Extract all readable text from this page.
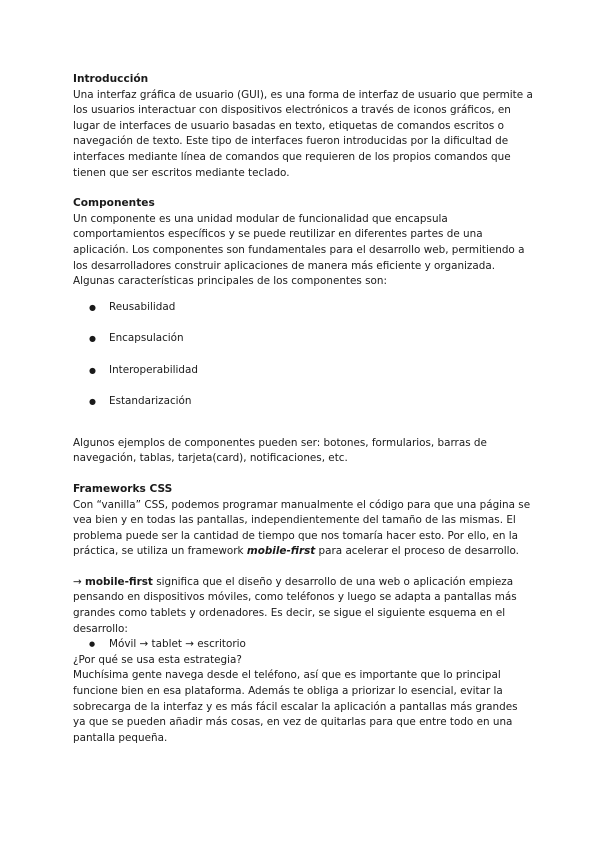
Introducción

Una interfaz gráfica de usuario (GUI), es una forma de interfaz de usuario que permite a los usuarios interactuar con dispositivos electrónicos a través de iconos gráficos, en lugar de interfaces de usuario basadas en texto, etiquetas de comandos escritos o navegación de texto. Este tipo de interfaces fueron introducidas por la dificultad de interfaces mediante línea de comandos que requieren de los propios comandos que tienen que ser escritos mediante teclado.

Componentes

Un componente es una unidad modular de funcionalidad que encapsula comportamientos específicos y se puede reutilizar en diferentes partes de una aplicación. Los componentes son fundamentales para el desarrollo web, permitiendo a los desarrolladores construir aplicaciones de manera más eficiente y organizada. Algunas características principales de los componentes son:

● Reusabilidad
● Encapsulación
● Interoperabilidad
● Estandarización

Algunos ejemplos de componentes pueden ser: botones, formularios, barras de navegación, tablas, tarjeta(card), notificaciones, etc.

Frameworks CSS

Con “vanilla” CSS, podemos programar manualmente el código para que una página se vea bien y en todas las pantallas, independientemente del tamaño de las mismas. El problema puede ser la cantidad de tiempo que nos tomaría hacer esto. Por ello, en la práctica, se utiliza un framework mobile-first para acelerar el proceso de desarrollo.

→ mobile-first significa que el diseño y desarrollo de una web o aplicación empieza pensando en dispositivos móviles, como teléfonos y luego se adapta a pantallas más grandes como tablets y ordenadores. Es decir, se sigue el siguiente esquema en el desarrollo:

● Móvil → tablet → escritorio

¿Por qué se usa esta estrategia?

Muchísima gente navega desde el teléfono, así que es importante que lo principal funcione bien en esa plataforma. Además te obliga a priorizar lo esencial, evitar la sobrecarga de la interfaz y es más fácil escalar la aplicación a pantallas más grandes ya que se pueden añadir más cosas, en vez de quitarlas para que entre todo en una pantalla pequeña.
